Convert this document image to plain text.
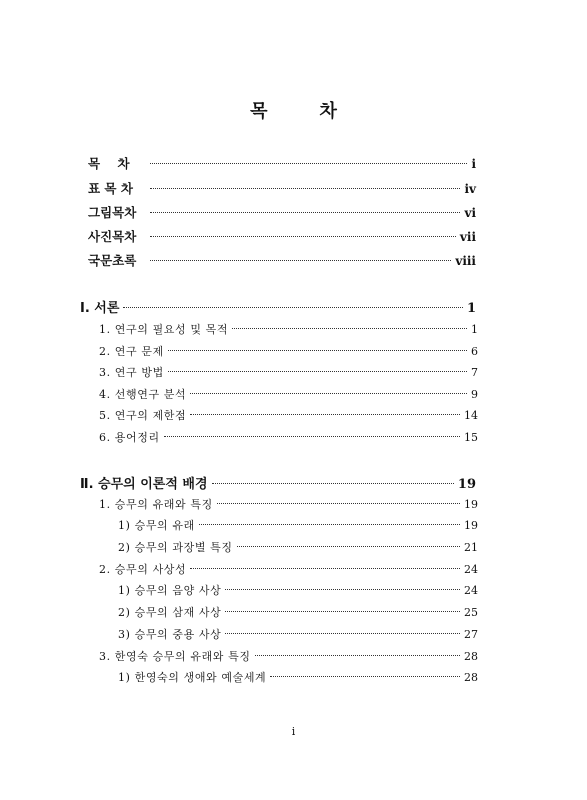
목	차
목    차	i
표 목 차	iv
그림목차	vi
사진목차	vii
국문초록	viii
Ⅰ. 서론	1
1. 연구의 필요성 및 목적	1
2. 연구 문제	6
3. 연구 방법	7
4. 선행연구 분석	9
5. 연구의 제한점	14
6. 용어정리	15
Ⅱ. 승무의 이론적 배경	19
1. 승무의 유래와 특징	19
1) 승무의 유래	19
2) 승무의 과장별 특징	21
2. 승무의 사상성	24
1) 승무의 음양 사상	24
2) 승무의 삼재 사상	25
3) 승무의 중용 사상	27
3. 한영숙 승무의 유래와 특징	28
1) 한영숙의 생애와 예술세계	28
i
